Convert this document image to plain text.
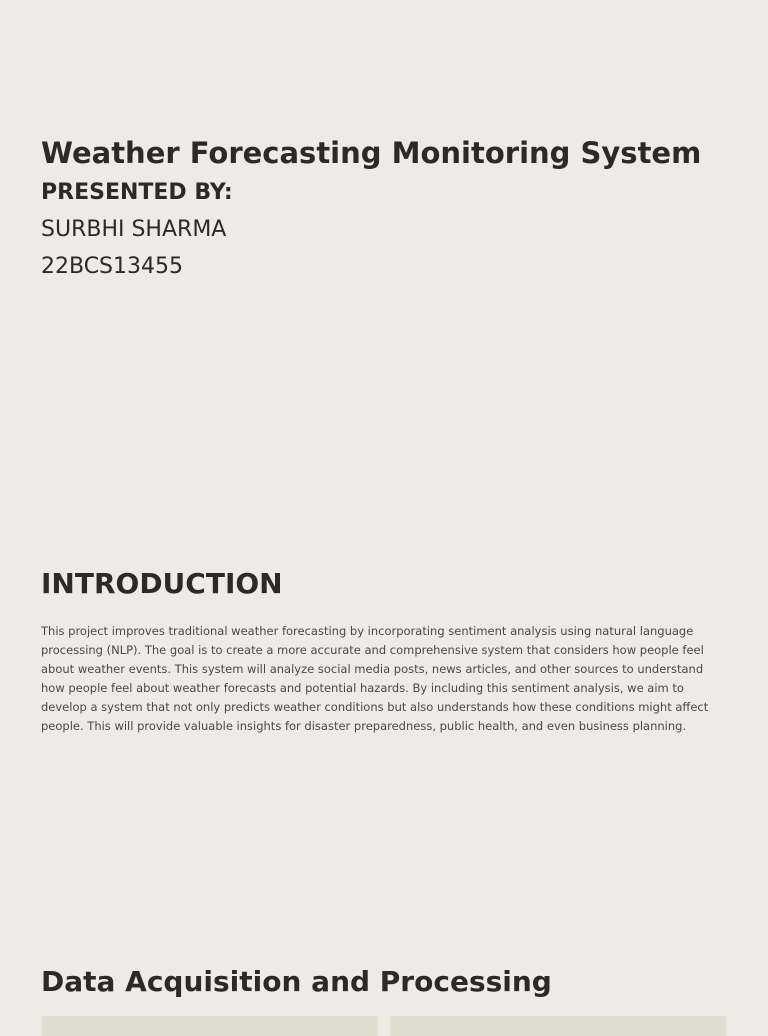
Weather Forecasting Monitoring System
PRESENTED BY:

SURBHI SHARMA

22BCS13455

INTRODUCTION

This project improves traditional weather forecasting by incorporating sentiment analysis using natural language processing (NLP). The goal is to create a more accurate and comprehensive system that considers how people feel about weather events. This system will analyze social media posts, news articles, and other sources to understand how people feel about weather forecasts and potential hazards. By including this sentiment analysis, we aim to develop a system that not only predicts weather conditions but also understands how these conditions might affect people. This will provide valuable insights for disaster preparedness, public health, and even business planning.

Data Acquisition and Processing
